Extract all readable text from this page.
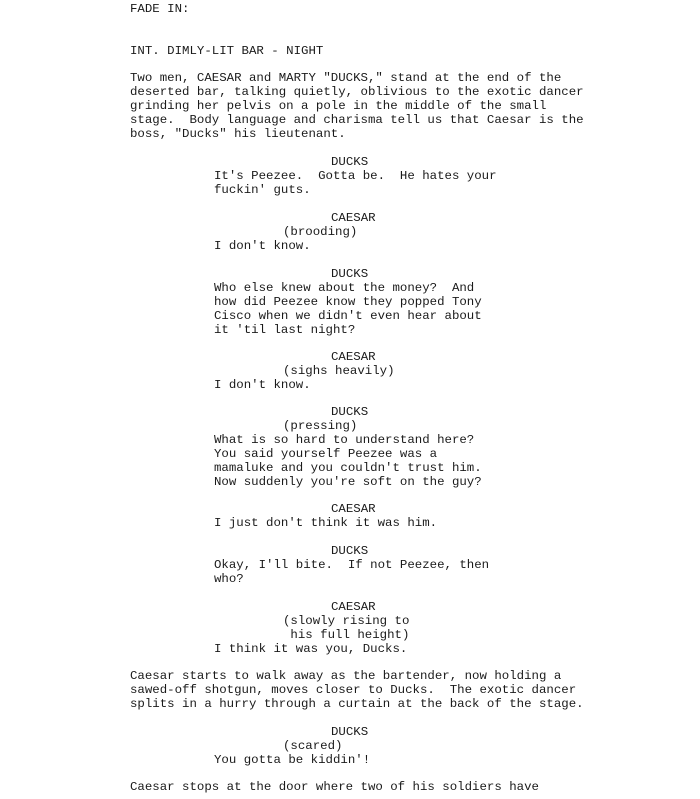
FADE IN:

INT. DIMLY-LIT BAR - NIGHT

Two men, CAESAR and MARTY "DUCKS," stand at the end of the

deserted bar, talking quietly, oblivious to the exotic dancer

grinding her pelvis on a pole in the middle of the small

stage.  Body language and charisma tell us that Caesar is the

boss, "Ducks" his lieutenant.

DUCKS

It's Peezee.  Gotta be.  He hates your

fuckin' guts.

CAESAR

(brooding)

I don't know.

DUCKS

Who else knew about the money?  And

how did Peezee know they popped Tony

Cisco when we didn't even hear about

it 'til last night?

CAESAR

(sighs heavily)

I don't know.

DUCKS

(pressing)

What is so hard to understand here?

You said yourself Peezee was a

mamaluke and you couldn't trust him.

Now suddenly you're soft on the guy?

CAESAR

I just don't think it was him.

DUCKS

Okay, I'll bite.  If not Peezee, then

who?

CAESAR

(slowly rising to

his full height)

I think it was you, Ducks.

Caesar starts to walk away as the bartender, now holding a

sawed-off shotgun, moves closer to Ducks.  The exotic dancer

splits in a hurry through a curtain at the back of the stage.

DUCKS

(scared)

You gotta be kiddin'!

Caesar stops at the door where two of his soldiers have
